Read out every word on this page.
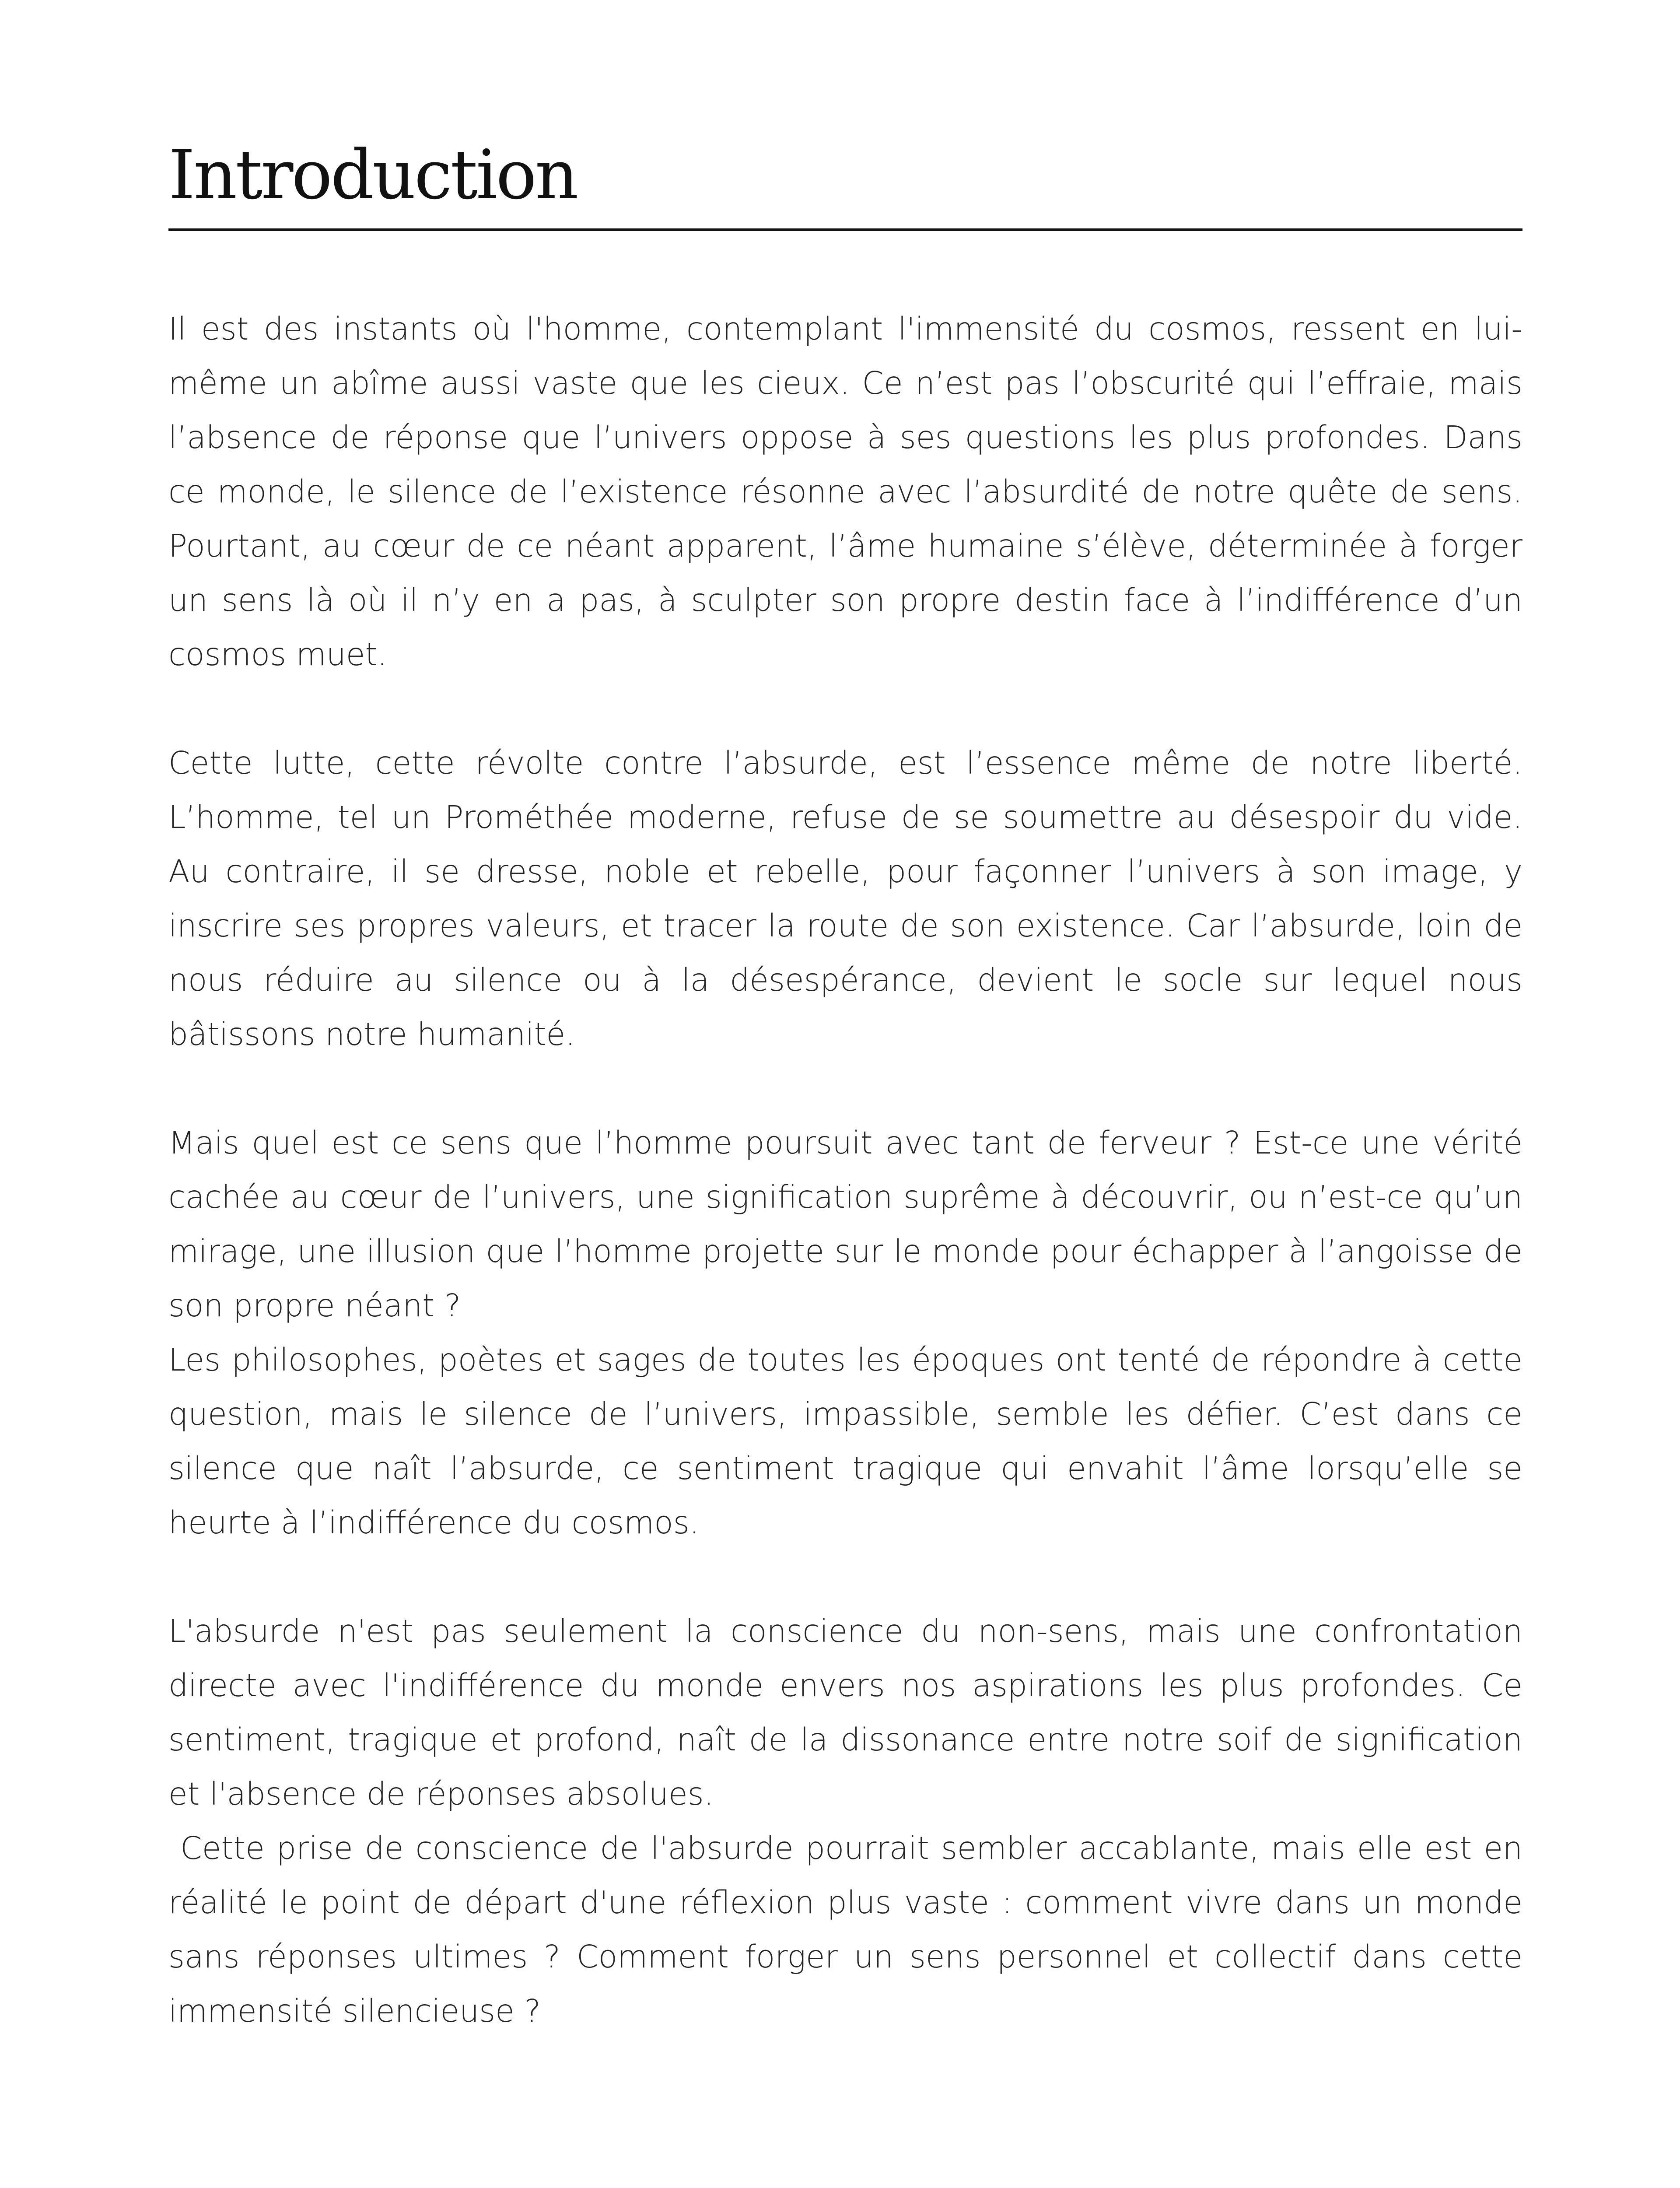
Introduction

Il est des instants où l'homme, contemplant l'immensité du cosmos, ressent en lui-même un abîme aussi vaste que les cieux. Ce n’est pas l’obscurité qui l’effraie, mais l’absence de réponse que l’univers oppose à ses questions les plus profondes. Dans ce monde, le silence de l’existence résonne avec l’absurdité de notre quête de sens. Pourtant, au cœur de ce néant apparent, l’âme humaine s’élève, déterminée à forger un sens là où il n’y en a pas, à sculpter son propre destin face à l’indifférence d’un cosmos muet.

Cette lutte, cette révolte contre l’absurde, est l’essence même de notre liberté. L’homme, tel un Prométhée moderne, refuse de se soumettre au désespoir du vide. Au contraire, il se dresse, noble et rebelle, pour façonner l’univers à son image, y inscrire ses propres valeurs, et tracer la route de son existence. Car l’absurde, loin de nous réduire au silence ou à la désespérance, devient le socle sur lequel nous bâtissons notre humanité.

Mais quel est ce sens que l’homme poursuit avec tant de ferveur ? Est-ce une vérité cachée au cœur de l’univers, une signification suprême à découvrir, ou n’est-ce qu’un mirage, une illusion que l’homme projette sur le monde pour échapper à l’angoisse de son propre néant ?

Les philosophes, poètes et sages de toutes les époques ont tenté de répondre à cette question, mais le silence de l’univers, impassible, semble les défier. C’est dans ce silence que naît l’absurde, ce sentiment tragique qui envahit l’âme lorsqu’elle se heurte à l’indifférence du cosmos.

L'absurde n'est pas seulement la conscience du non-sens, mais une confrontation directe avec l'indifférence du monde envers nos aspirations les plus profondes. Ce sentiment, tragique et profond, naît de la dissonance entre notre soif de signification et l'absence de réponses absolues.

Cette prise de conscience de l'absurde pourrait sembler accablante, mais elle est en réalité le point de départ d'une réflexion plus vaste : comment vivre dans un monde sans réponses ultimes ? Comment forger un sens personnel et collectif dans cette immensité silencieuse ?
